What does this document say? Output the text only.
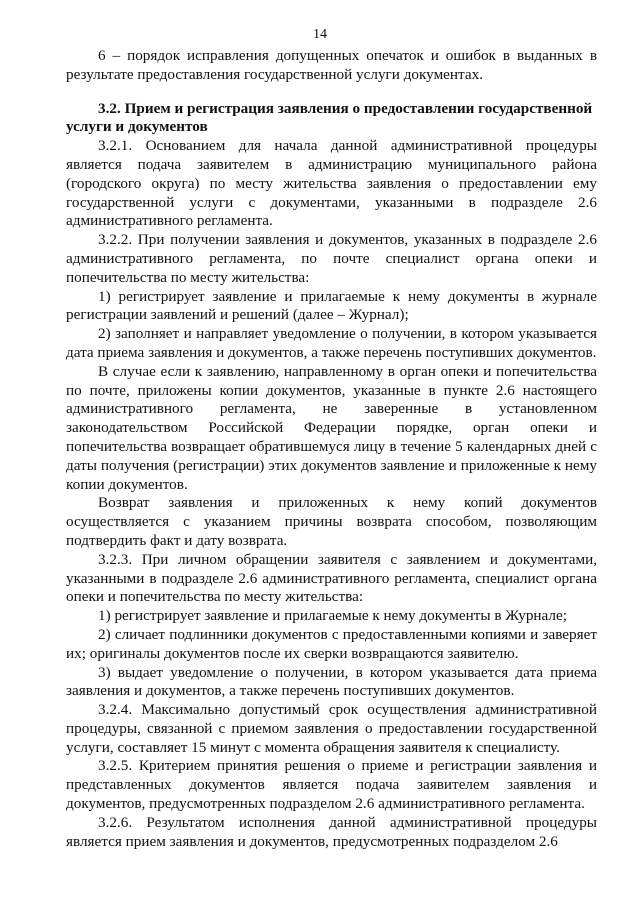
14

6 – порядок исправления допущенных опечаток и ошибок в выданных в результате предоставления государственной услуги документах.

3.2. Прием и регистрация заявления о предоставлении государственной услуги и документов

3.2.1. Основанием для начала данной административной процедуры является подача заявителем в администрацию муниципального района (городского округа) по месту жительства заявления о предоставлении ему государственной услуги с документами, указанными в подразделе 2.6 административного регламента.

3.2.2. При получении заявления и документов, указанных в подразделе 2.6 административного регламента, по почте специалист органа опеки и попечительства по месту жительства:

1) регистрирует заявление и прилагаемые к нему документы в журнале регистрации заявлений и решений (далее – Журнал);

2) заполняет и направляет уведомление о получении, в котором указывается дата приема заявления и документов, а также перечень поступивших документов.

В случае если к заявлению, направленному в орган опеки и попечительства по почте, приложены копии документов, указанные в пункте 2.6 настоящего административного регламента, не заверенные в установленном законодательством Российской Федерации порядке, орган опеки и попечительства возвращает обратившемуся лицу в течение 5 календарных дней с даты получения (регистрации) этих документов заявление и приложенные к нему копии документов.

Возврат заявления и приложенных к нему копий документов осуществляется с указанием причины возврата способом, позволяющим подтвердить факт и дату возврата.

3.2.3. При личном обращении заявителя с заявлением и документами, указанными в подразделе 2.6 административного регламента, специалист органа опеки и попечительства по месту жительства:

1) регистрирует заявление и прилагаемые к нему документы в Журнале;

2) сличает подлинники документов с предоставленными копиями и заверяет их; оригиналы документов после их сверки возвращаются заявителю.

3) выдает уведомление о получении, в котором указывается дата приема заявления и документов, а также перечень поступивших документов.

3.2.4. Максимально допустимый срок осуществления административной процедуры, связанной с приемом заявления о предоставлении государственной услуги, составляет 15 минут с момента обращения заявителя к специалисту.

3.2.5. Критерием принятия решения о приеме и регистрации заявления и представленных документов является подача заявителем заявления и документов, предусмотренных подразделом 2.6 административного регламента.

3.2.6. Результатом исполнения данной административной процедуры является прием заявления и документов, предусмотренных подразделом 2.6
